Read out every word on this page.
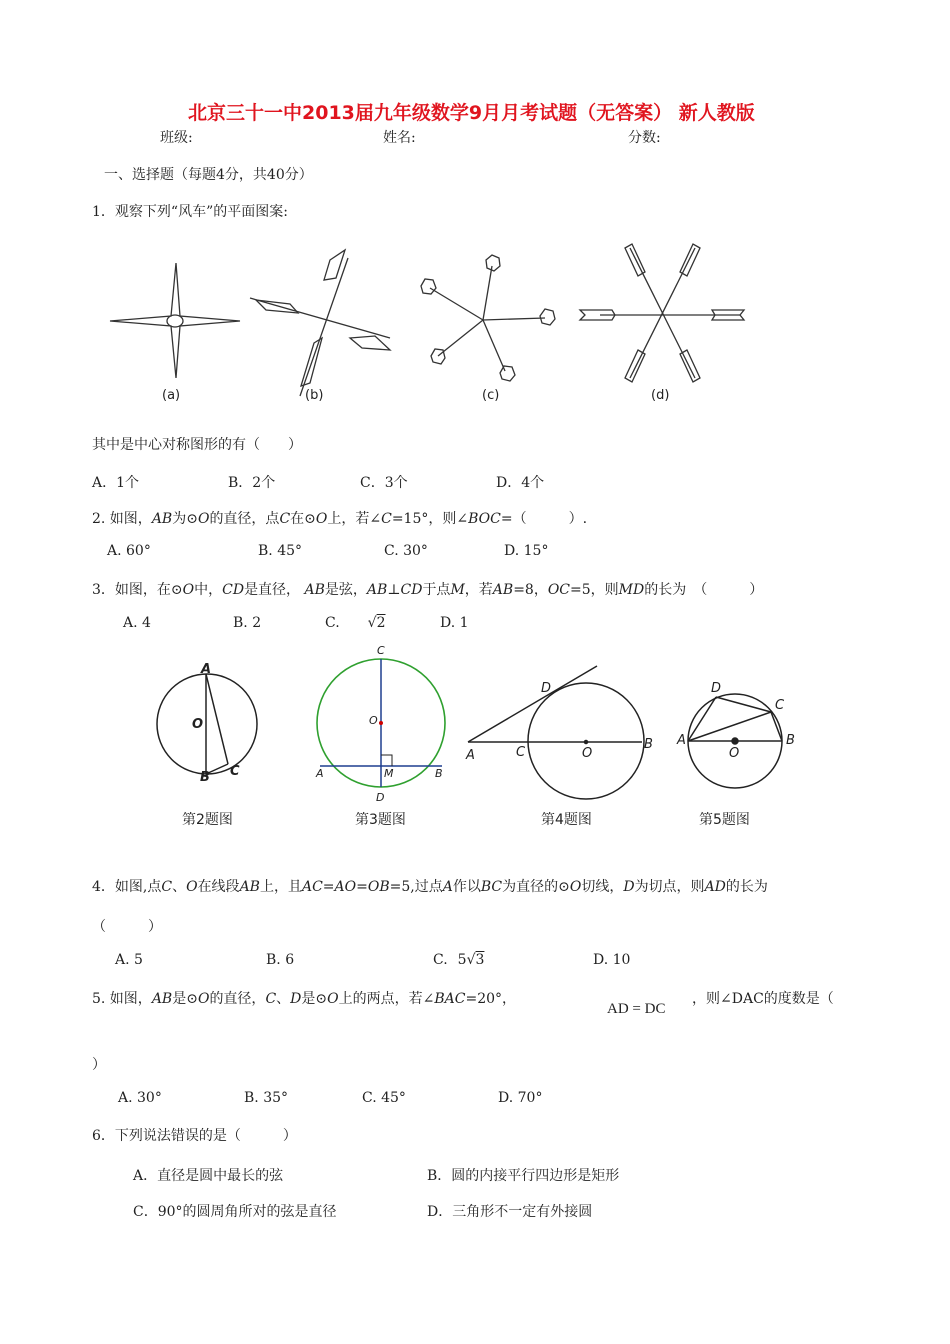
北京三十一中2013届九年级数学9月月考试题（无答案） 新人教版
班级:	姓名:	分数:
一、选择题（每题4分，共40分）
1．观察下列“风车”的平面图案:
(a)	(b)	(c)	(d)
其中是中心对称图形的有（　　）
A．1个	B．2个	C．3个	D．4个
2. 如图，AB为⊙O的直径，点C在⊙O上，若∠C=15°，则∠BOC=（　　　）.
A. 60°	B. 45°	C. 30°	D. 15°
3．如图，在⊙O中，CD是直径， AB是弦，AB⊥CD于点M，若AB=8，OC=5，则MD的长为　（　　　）
A. 4	B. 2	C. √2	D. 1
A
O
B C
第2题图
C
O
A	M	B
D
第3题图
D
A	C	O
B
第4题图
D
C
A
O
B
第5题图
4．如图,点C、O在线段AB上，且AC=AO=OB=5,过点A作以BC为直径的⊙O切线，D为切点，则AD的长为
（　　　）
A. 5	B. 6	C. 5√3	D. 10
5. 如图，AB是⊙O的直径，C、D是⊙O上的两点，若∠BAC=20°，
AD = DC
，则∠DAC的度数是（
）
A. 30°	B. 35°	C. 45°	D. 70°
6．下列说法错误的是（　　　）
A．直径是圆中最长的弦	B．圆的内接平行四边形是矩形
C．90°的圆周角所对的弦是直径	D．三角形不一定有外接圆
